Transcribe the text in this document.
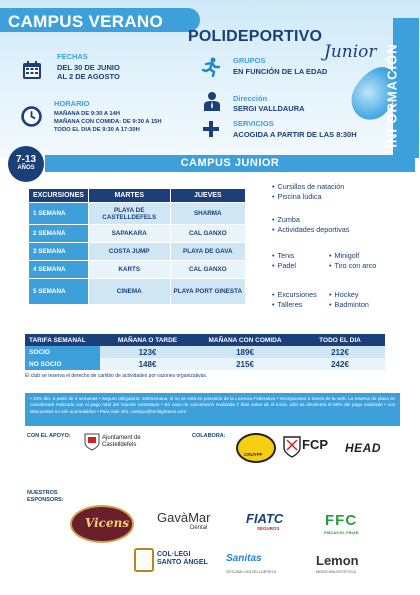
CAMPUS VERANO
POLIDEPORTIVO
Junior INFORMACIÓN
FECHAS
DEL 30 DE JUNIO
AL 2 DE AGOSTO
HORARIO
MAÑANA DE 9:30 A 14H
MAÑANA CON COMIDA: DE 9:30 A 15H
TODO EL DIA DE 9:30 A 17:30H
GRUPOS
EN FUNCIÓN DE LA EDAD
Dirección
SERGI VALLDAURA
SERVICIOS
ACOGIDA A PARTIR DE LAS 8:30H
7-13
AÑOS	CAMPUS JUNIOR
EXCURSIONES	MARTES	JUEVES
1 SEMANA	PLAYA DE CASTELLDEFELS	SHARMA
2 SEMANA	SAPAKARA	CAL GANXO
3 SEMANA	COSTA JUMP	PLAYA DE GAVA
4 SEMANA	KARTS	CAL GANXO
5 SEMANA	CINEMA	PLAYA PORT GINESTA
• Cursillos de natación
• Piscina lúdica
• Zumba
• Actividades deportivas
• Tenis
• Padel
• Minigolf
• Tiro con arco
• Excursiones
• Talleres
• Hockey
• Badminton
TARIFA SEMANAL	MAÑANA O TARDE	MAÑANA CON COMIDA	TODO EL DIA
SOCIO	123€	189€	212€
NO SOCIO	148€	215€	242€
El club se reserva el derecho de cambio de actividades por razones organizativas.
• 10% dto. a partir de 4 semanas • Seguro obligatorio: 10€/semana, si no se está en posesión de la Licencia Federativa • Inscripciones a traves de la web. La reserva de plaza se considerará realizada con el pago total del importe contratado • En caso de cancelación realizada 7 días antes de el inicio, sólo se devolverá el 50% del pago realizado • Los descuentos no són acumulables • Para más info: campus@tenisgimeno.com
CON EL APOYO:	Ajuntament de Castelldefels
COLABORA:
CRUYFF
FCP HEAD
NUESTROS
ESPONSORS:
Vicens GavàMar
Dental
FIATC
SEGUROS	FFC
FINCAS EL PINAR
COL·LEGI SANTO ÀNGEL	Sanitas
OFICINA CASTELLDEFELS
Lemon
MEDICINA ESTÉTICA
